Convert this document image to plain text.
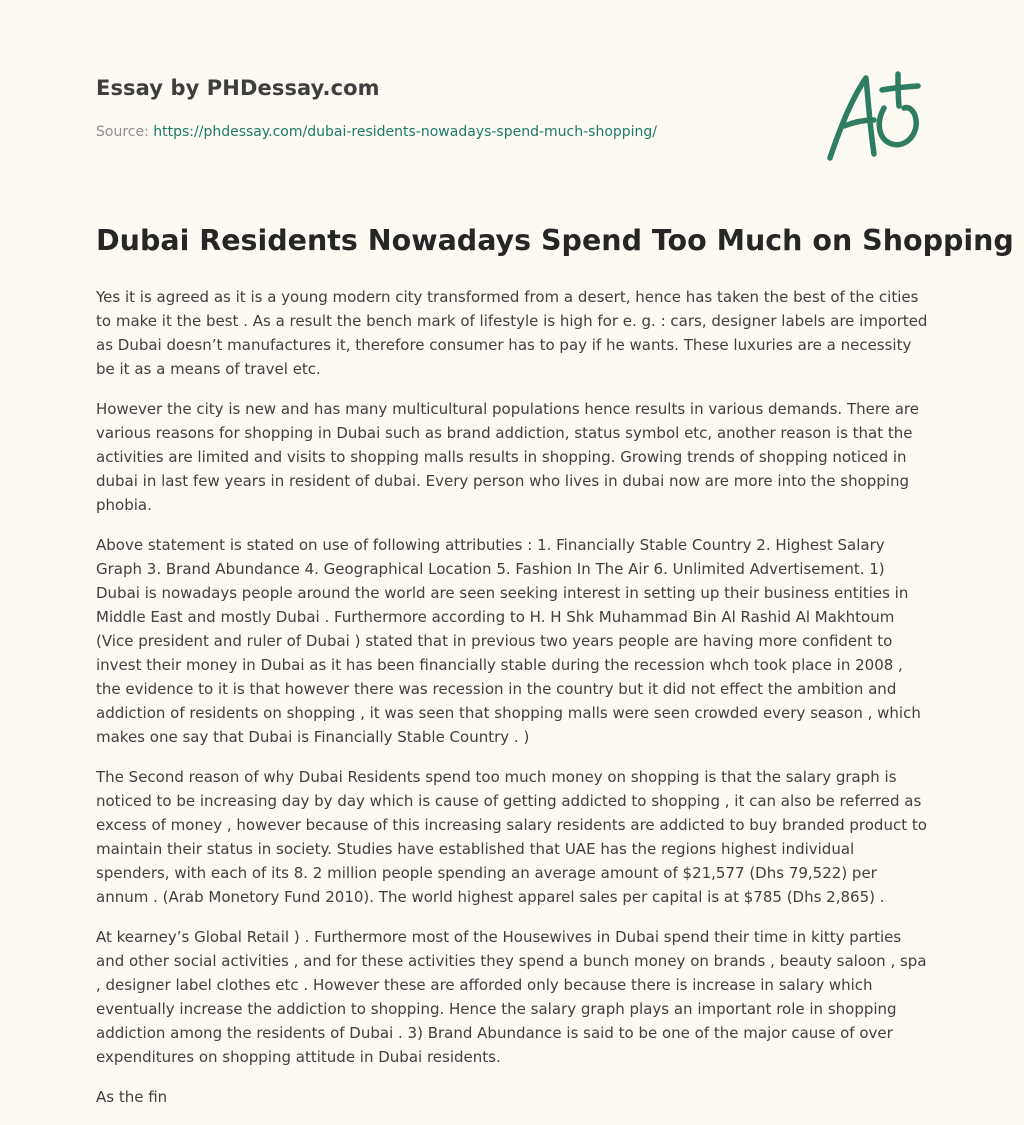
Essay by PHDessay.com

Source: https://phdessay.com/dubai-residents-nowadays-spend-much-shopping/

Dubai Residents Nowadays Spend Too Much on Shopping

Yes it is agreed as it is a young modern city transformed from a desert, hence has taken the best of the cities to make it the best . As a result the bench mark of lifestyle is high for e. g. : cars, designer labels are imported as Dubai doesn’t manufactures it, therefore consumer has to pay if he wants. These luxuries are a necessity be it as a means of travel etc.

However the city is new and has many multicultural populations hence results in various demands. There are various reasons for shopping in Dubai such as brand addiction, status symbol etc, another reason is that the activities are limited and visits to shopping malls results in shopping. Growing trends of shopping noticed in dubai in last few years in resident of dubai. Every person who lives in dubai now are more into the shopping phobia.

Above statement is stated on use of following attributies : 1. Financially Stable Country 2. Highest Salary Graph 3. Brand Abundance 4. Geographical Location 5. Fashion In The Air 6. Unlimited Advertisement. 1) Dubai is nowadays people around the world are seen seeking interest in setting up their business entities in Middle East and mostly Dubai . Furthermore according to H. H Shk Muhammad Bin Al Rashid Al Makhtoum (Vice president and ruler of Dubai ) stated that in previous two years people are having more confident to invest their money in Dubai as it has been financially stable during the recession whch took place in 2008 , the evidence to it is that however there was recession in the country but it did not effect the ambition and addiction of residents on shopping , it was seen that shopping malls were seen crowded every season , which makes one say that Dubai is Financially Stable Country . )

The Second reason of why Dubai Residents spend too much money on shopping is that the salary graph is noticed to be increasing day by day which is cause of getting addicted to shopping , it can also be referred as excess of money , however because of this increasing salary residents are addicted to buy branded product to maintain their status in society. Studies have established that UAE has the regions highest individual spenders, with each of its 8. 2 million people spending an average amount of $21,577 (Dhs 79,522) per annum . (Arab Monetory Fund 2010). The world highest apparel sales per capital is at $785 (Dhs 2,865) .

At kearney’s Global Retail ) . Furthermore most of the Housewives in Dubai spend their time in kitty parties and other social activities , and for these activities they spend a bunch money on brands , beauty saloon , spa , designer label clothes etc . However these are afforded only because there is increase in salary which eventually increase the addiction to shopping. Hence the salary graph plays an important role in shopping addiction among the residents of Dubai . 3) Brand Abundance is said to be one of the major cause of over expenditures on shopping attitude in Dubai residents.

As the fin
